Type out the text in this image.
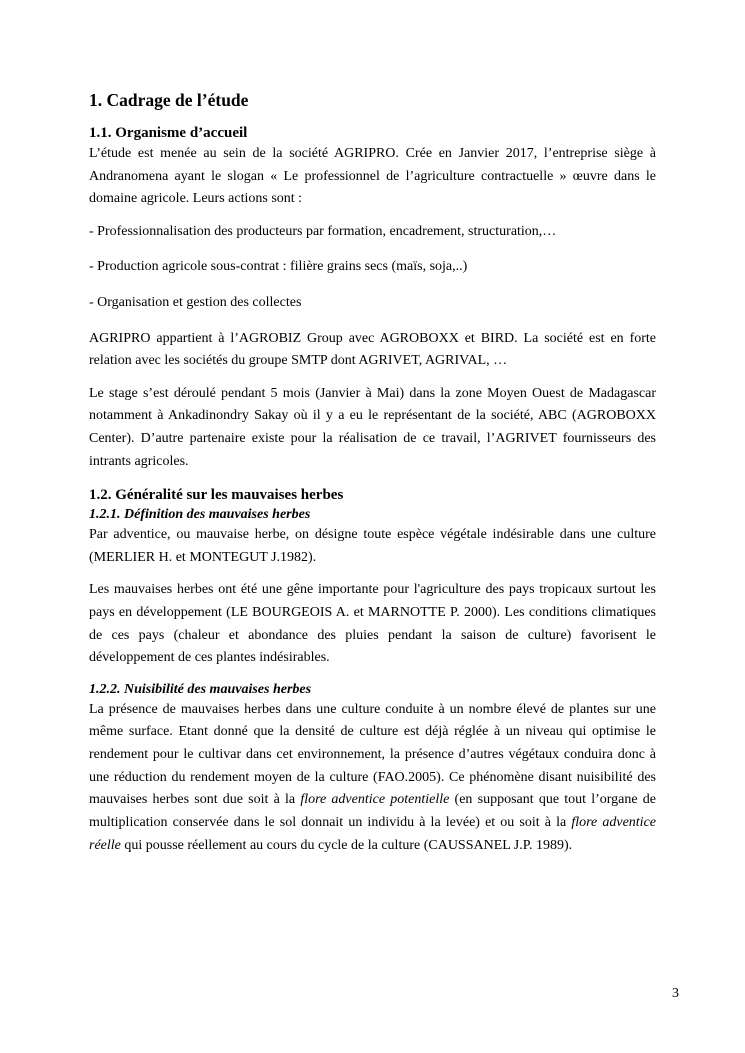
1. Cadrage de l’étude
1.1. Organisme d’accueil

L’étude est menée au sein de la société AGRIPRO. Crée en Janvier 2017, l’entreprise siège à Andranomena ayant le slogan « Le professionnel de l’agriculture contractuelle » œuvre dans le domaine agricole. Leurs actions sont :

- Professionnalisation des producteurs par formation, encadrement, structuration,…

- Production agricole sous-contrat : filière grains secs (maïs, soja,..)

- Organisation et gestion des collectes

AGRIPRO appartient à l’AGROBIZ Group avec AGROBOXX et BIRD. La société est en forte relation avec les sociétés du groupe SMTP dont AGRIVET, AGRIVAL, …

Le stage s’est déroulé pendant 5 mois (Janvier à Mai) dans la zone Moyen Ouest de Madagascar notamment à Ankadinondry Sakay où il y a eu le représentant de la société, ABC (AGROBOXX Center). D’autre partenaire existe pour la réalisation de ce travail, l’AGRIVET fournisseurs des intrants agricoles.

1.2. Généralité sur les mauvaises herbes
1.2.1. Définition des mauvaises herbes

Par adventice, ou mauvaise herbe, on désigne toute espèce végétale indésirable dans une culture (MERLIER H. et MONTEGUT J.1982).

Les mauvaises herbes ont été une gêne importante pour l'agriculture des pays tropicaux surtout les pays en développement (LE BOURGEOIS A. et MARNOTTE P. 2000). Les conditions climatiques de ces pays (chaleur et abondance des pluies pendant la saison de culture) favorisent le développement de ces plantes indésirables.

1.2.2. Nuisibilité des mauvaises herbes

La présence de mauvaises herbes dans une culture conduite à un nombre élevé de plantes sur une même surface. Etant donné que la densité de culture est déjà réglée à un niveau qui optimise le rendement pour le cultivar dans cet environnement, la présence d’autres végétaux conduira donc à une réduction du rendement moyen de la culture (FAO.2005). Ce phénomène disant nuisibilité des mauvaises herbes sont due soit à la flore adventice potentielle (en supposant que tout l’organe de multiplication conservée dans le sol donnait un individu à la levée) et ou soit à la flore adventice réelle qui pousse réellement au cours du cycle de la culture (CAUSSANEL J.P. 1989).

3
